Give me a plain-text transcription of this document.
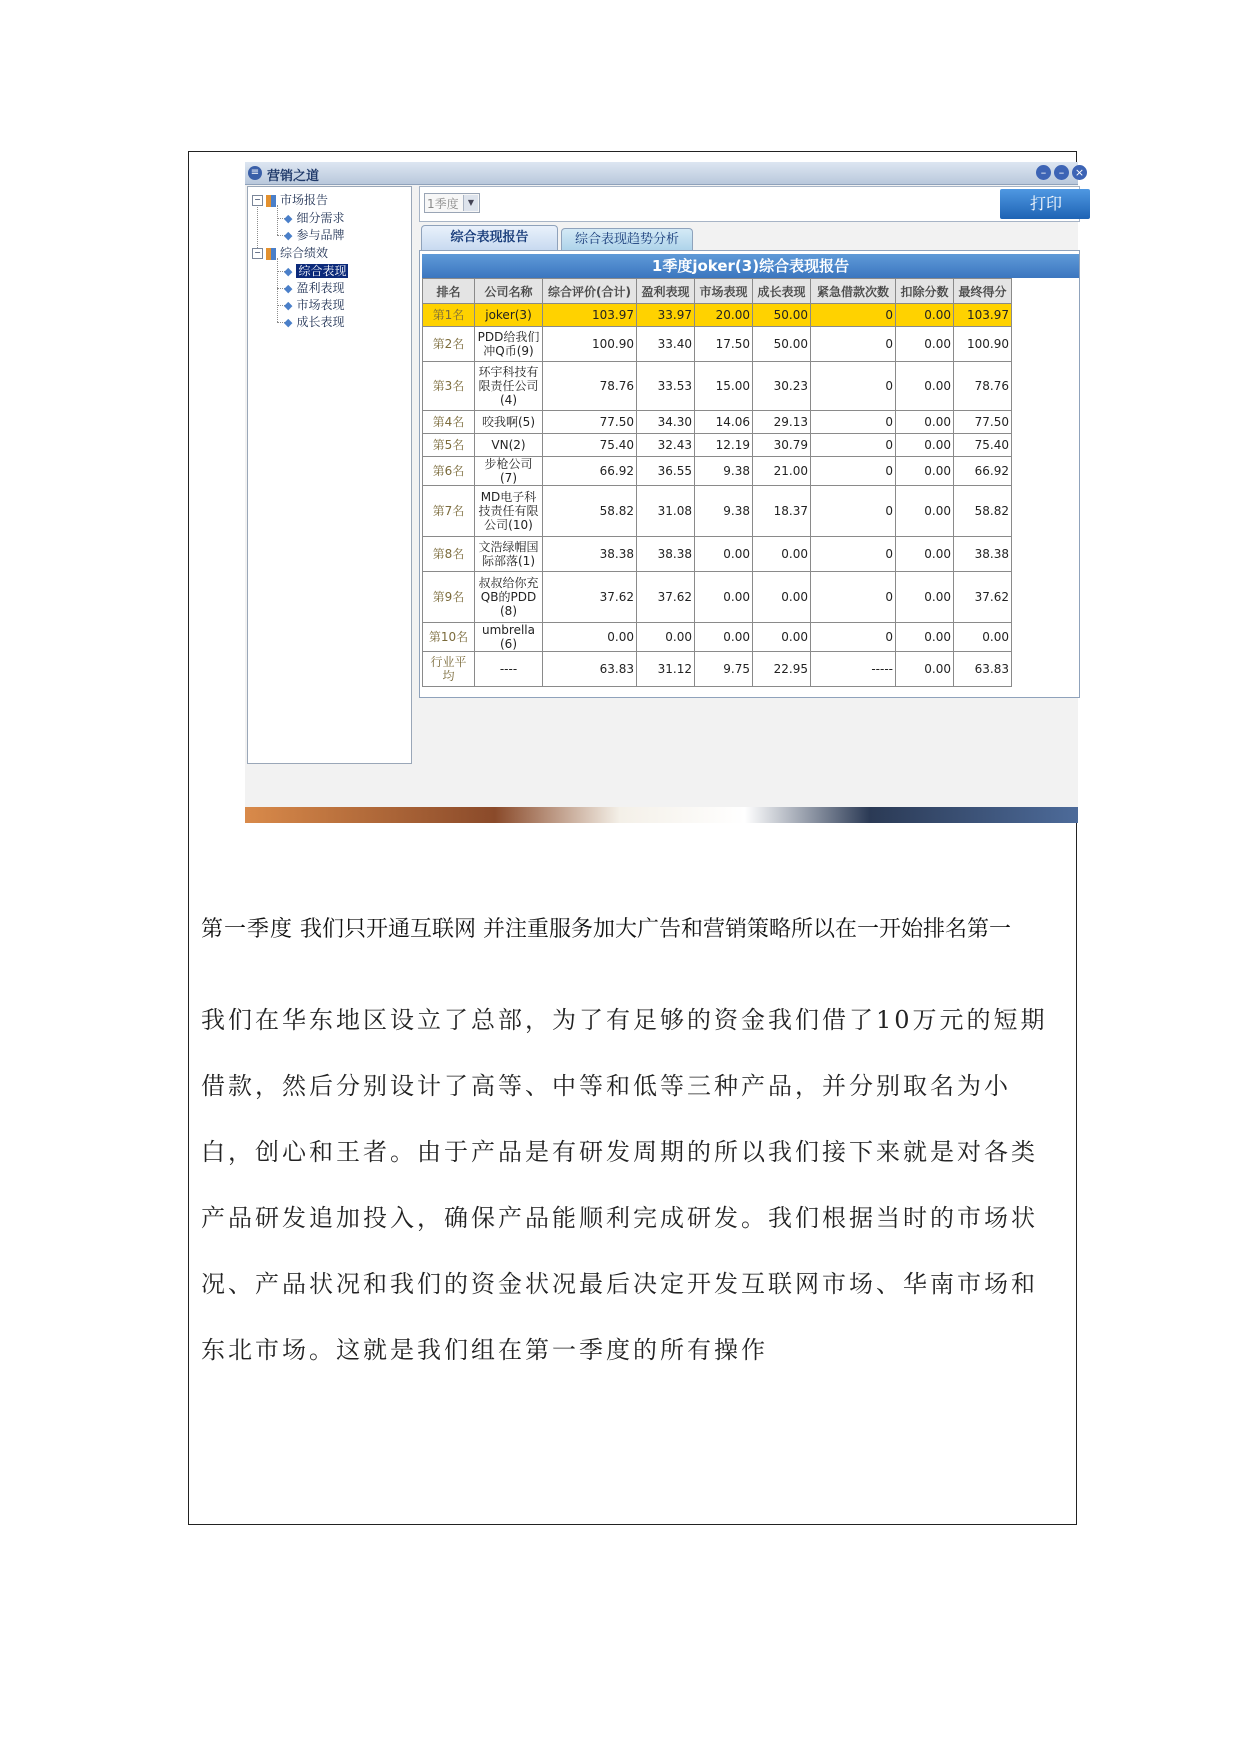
≡ 营销之道	–	– ×
− 市场报告
◆ 细分需求
◆ 参与品牌
− 综合绩效
◆ 综合表现
◆ 盈利表现
◆ 市场表现
◆ 成长表现
1季度	▼	打印
综合表现报告	综合表现趋势分析
1季度joker(3)综合表现报告
排名	公司名称	综合评价(合计)	盈利表现	市场表现	成长表现	紧急借款次数	扣除分数	最终得分
第1名	joker(3)	103.97	33.97	20.00	50.00	0	0.00	103.97
第2名	PDD给我们冲Q币(9)	100.90	33.40	17.50	50.00	0	0.00	100.90
第3名	环宇科技有限责任公司(4)	78.76	33.53	15.00	30.23	0	0.00	78.76
第4名	咬我啊(5)	77.50	34.30	14.06	29.13	0	0.00	77.50
第5名	VN(2)	75.40	32.43	12.19	30.79	0	0.00	75.40
第6名	步枪公司(7)	66.92	36.55	9.38	21.00	0	0.00	66.92
第7名	MD电子科技责任有限公司(10)	58.82	31.08	9.38	18.37	0	0.00	58.82
第8名	文浩绿帽国际部落(1)	38.38	38.38	0.00	0.00	0	0.00	38.38
第9名	叔叔给你充QB的PDD(8)	37.62	37.62	0.00	0.00	0	0.00	37.62
第10名	umbrella(6)	0.00	0.00	0.00	0.00	0	0.00	0.00
行业平均	----	63.83	31.12	9.75	22.95	-----	0.00	63.83
第一季度 我们只开通互联网 并注重服务加大广告和营销策略所以在一开始排名第一
我们在华东地区设立了总部，为了有足够的资金我们借了10万元的短期借款，然后分别设计了高等、中等和低等三种产品，并分别取名为小白，创心和王者。由于产品是有研发周期的所以我们接下来就是对各类产品研发追加投入，确保产品能顺利完成研发。我们根据当时的市场状况、产品状况和我们的资金状况最后决定开发互联网市场、华南市场和东北市场。这就是我们组在第一季度的所有操作
